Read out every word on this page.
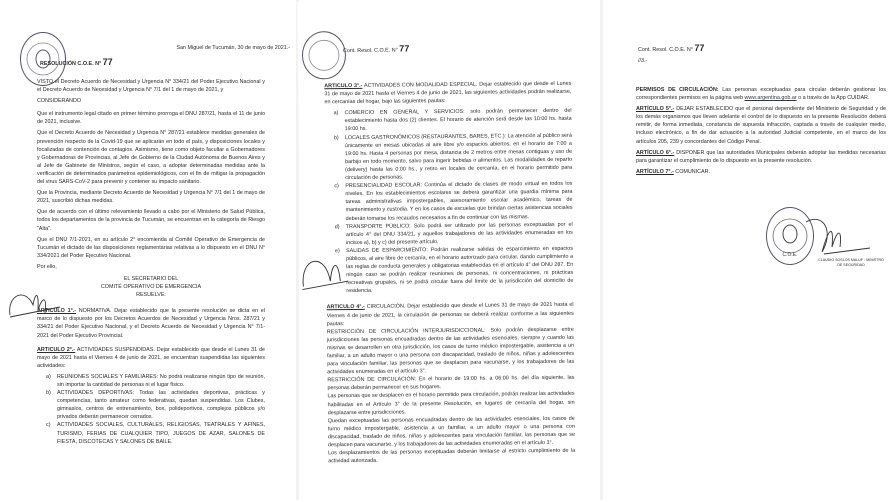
San Miguel de Tucumán, 30 de mayo de 2021.-
RESOLUCIÓN C.O.E. N° 77

VISTO el Decreto Acuerdo de Necesidad y Urgencia N° 334/21 del Poder Ejecutivo Nacional y el Decreto Acuerdo de Necesidad y Urgencia N° 7/1 del 1 de mayo de 2021, y

CONSIDERANDO

Que el instrumento legal citado en primer término prorroga el DNU 287/21, hasta el 11 de junio de 2021, inclusive.

Que el Decreto Acuerdo de Necesidad y Urgencia N° 287/21 establece medidas generales de prevención respecto de la Covid-19 que se aplicarán en todo el país, y disposiciones locales y focalizadas de contención de contagios. Asimismo, tiene como objeto facultar a Gobernadores y Gobernadoras de Provincias, al Jefe de Gobierno de la Ciudad Autónoma de Buenos Aires y al Jefe de Gabinete de Ministros, según el caso, a adoptar determinadas medidas ante la verificación de determinados parámetros epidemiológicos, con el fin de mitigar la propagación del virus SARS-CoV-2 para prevenir y contener su impacto sanitario.

Que la Provincia, mediante Decreto Acuerdo de Necesidad y Urgencia N° 7/1 del 1 de mayo de 2021, suscribió dichas medidas.

Que de acuerdo con el último relevamiento llevado a cabo por el Ministerio de Salud Pública, todos los departamentos de la provincia de Tucumán, se encuentran en la categoría de Riesgo "Alta".

Que el DNU 7/1-2021, en su artículo 2° encomienda al Comité Operativo de Emergencia de Tucumán el dictado de las disposiciones reglamentarias relativas a lo dispuesto en el DNU N° 334/2021 del Poder Ejecutivo Nacional.

Por ello,

EL SECRETARIO DEL
COMITÉ OPERATIVO DE EMERGENCIA
RESUELVE:

ARTICULO 1°.- NORMATIVA. Dejar establecido que la presente resolución se dicta en el marco de lo dispuesto por los Decretos Acuerdos de Necesidad y Urgencia Nros. 287/21 y 334/21 del Poder Ejecutivo Nacional, y el Decreto Acuerdo de Necesidad y Urgencia N° 7/1-2021 del Poder Ejecutivo Provincial.

ARTICULO 2°.- ACTIVIDADES SUSPENDIDAS. Dejar establecido que desde el Lunes 31 de mayo de 2021 hasta el Viernes 4 de junio de 2021, se encuentran suspendidas las siguientes actividades:

a) REUNIONES SOCIALES Y FAMILIARES: No podrá realizarse ningún tipo de reunión, sin importar la cantidad de personas ni el lugar físico.
b) ACTIVIDADES DEPORTIVAS: Todas las actividades deportivas, prácticas y competencias, tanto amateur como federativas, quedan suspendidas. Los Clubes, gimnasios, centros de entrenamiento, box, polideportivos, complejos públicos y/o privados deberán permanecer cerrados.
c) ACTIVIDADES SOCIALES, CULTURALES, RELIGIOSAS, TEATRALES Y AFINES, TURISMO, FERIAS DE CUALQUIER TIPO, JUEGOS DE AZAR, SALONES DE FIESTA, DISCOTECAS Y SALONES DE BAILE.
Cont. Resol. C.O.E. N° 77

ARTICULO 3°.- ACTIVIDADES CON MODALIDAD ESPECIAL. Dejar establecido que desde el Lunes 31 de mayo de 2021 hasta el Viernes 4 de junio de 2021, las siguientes actividades podrán realizarse, en cercanías del hogar, bajo las siguientes pautas:

a) COMERCIO EN GENERAL Y SERVICIOS: solo podrán permanecer dentro del establecimiento hasta dos (2) clientes. El horario de atención será desde las 10:00 hs. hasta 19:00 hs.
b) LOCALES GASTRONÓMICOS (RESTAURANTES, BARES, ETC.): La atención al público será únicamente en mesas ubicadas al aire libre y/o espacios abiertos, en el horario de 7:00 a 19:00 hs. Hasta 4 personas por mesa, distancia de 2 metros entre mesas contiguas y uso de barbijo en todo momento, salvo para ingerir bebidas o alimentos. Las modalidades de reparto (delivery) hasta las 0:00 hs., y retiro en locales de cercanía, en el horario permitido para circulación de personas.
c) PRESENCIALIDAD ESCOLAR: Continúa el dictado de clases de modo virtual en todos los niveles. En los establecimientos escolares se deberá garantizar una guardia mínima para tareas administrativas impostergables, asesoramiento escolar académico, tareas de mantenimiento y custodia. Y en los casos de escuelas que brindan ciertas asistencias sociales deberán tomarse los recaudos necesarios a fin de continuar con las mismas.
d) TRANSPORTE PÚBLICO: Solo podrá ser utilizado por las personas exceptuadas por el artículo 4° del DNU 334/21, y aquellos trabajadores de las actividades enumeradas en los incisos a), b) y c) del presente artículo.
e) SALIDAS DE ESPARCIMIENTO: Podrán realizarse salidas de esparcimiento en espacios públicos, al aire libre de cercanía, en el horario autorizado para circular, dando cumplimiento a las reglas de conducta generales y obligatorias establecidas en el artículo 4° del DNU 287. En ningún caso se podrán realizar reuniones de personas, ni concentraciones, ni prácticas recreativas grupales, ni se podrá circular fuera del límite de la jurisdicción del domicilio de residencia.

ARTICULO 4°.- CIRCULACIÓN. Dejar establecido que desde el Lunes 31 de mayo de 2021 hasta el Viernes 4 de junio de 2021, la circulación de personas se deberá realizar conforme a las siguientes pautas:

RESTRICCIÓN DE CIRCULACIÓN INTERJURISDICCIONAL: Solo podrán desplazarse entre jurisdicciones las personas encuadradas dentro de las actividades esenciales, siempre y cuando las mismas se desarrollen en otra jurisdicción, los casos de turno médico impostergable, asistencia a un familiar, a un adulto mayor o una persona con discapacidad, traslado de niños, niñas y adolescentes para vinculación familiar, las personas que se desplacen para vacunarse, y los trabajadores de las actividades enumeradas en el artículo 3°.
RESTRICCIÓN DE CIRCULACIÓN: En el horario de 19:00 hs. a 06:00 hs. del día siguiente, las personas deberán permanecer en sus hogares.
Las personas que se desplacen en el horario permitido para circulación, podrán realizar las actividades habilitadas en el Artículo 3° de la presente Resolución, en lugares de cercanía del hogar, sin desplazarse entre jurisdicciones.
Quedan exceptuadas las personas encuadradas dentro de las actividades esenciales, los casos de turno médico impostergable, asistencia a un familiar, a un adulto mayor o una persona con discapacidad, traslado de niños, niñas y adolescentes para vinculación familiar, las personas que se desplacen para vacunarse, y los trabajadores de las actividades enumeradas en el artículo 3°.
Los desplazamientos de las personas exceptuadas deberán limitarse al estricto cumplimiento de la actividad autorizada.
Cont. Resol. C.O.E. N° 77
//3.-

PERMISOS DE CIRCULACIÓN: Las personas exceptuadas para circular deberán gestionar los correspondientes permisos en la página web www.argentina.gob.ar o a través de la App CUIDAR.

ARTÍCULO 5°.- DEJAR ESTABLECIDO que el personal dependiente del Ministerio de Seguridad y de los demás organismos que lleven adelante el control de lo dispuesto en la presente Resolución deberá remitir, de forma inmediata, constancia de supuesta infracción, captada a través de cualquier medio, incluso electrónico, a fin de dar actuación a la autoridad Judicial competente, en el marco de los artículos 205, 239 y concordantes del Código Penal.

ARTÍCULO 6°.- DISPONER que las autoridades Municipales deberán adoptar las medidas necesarias para garantizar el cumplimiento de lo dispuesto en la presente resolución.

ARTÍCULO 7°.- COMUNICAR.

C.O.E.
CLAUDIO SOSLOS MALUF - MINISTRO DE SEGURIDAD
